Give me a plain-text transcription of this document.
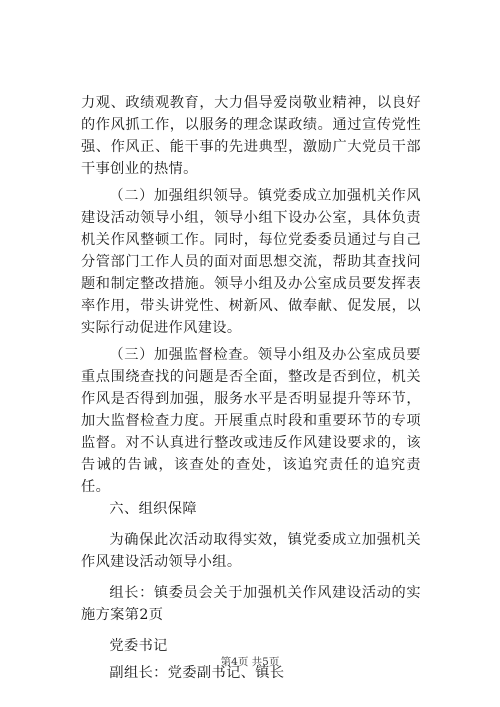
力观、政绩观教育，大力倡导爱岗敬业精神，以良好的作风抓工作，以服务的理念谋政绩。通过宣传党性强、作风正、能干事的先进典型，激励广大党员干部干事创业的热情。

（二）加强组织领导。镇党委成立加强机关作风建设活动领导小组，领导小组下设办公室，具体负责机关作风整顿工作。同时，每位党委委员通过与自己分管部门工作人员的面对面思想交流，帮助其查找问题和制定整改措施。领导小组及办公室成员要发挥表率作用，带头讲党性、树新风、做奉献、促发展，以实际行动促进作风建设。

（三）加强监督检查。领导小组及办公室成员要重点围绕查找的问题是否全面，整改是否到位，机关作风是否得到加强，服务水平是否明显提升等环节，加大监督检查力度。开展重点时段和重要环节的专项监督。对不认真进行整改或违反作风建设要求的，该告诫的告诫，该查处的查处，该追究责任的追究责任。

六、组织保障

为确保此次活动取得实效，镇党委成立加强机关作风建设活动领导小组。

组长：镇委员会关于加强机关作风建设活动的实施方案第2页

党委书记

副组长：党委副书记、镇长

第4页 共5页
